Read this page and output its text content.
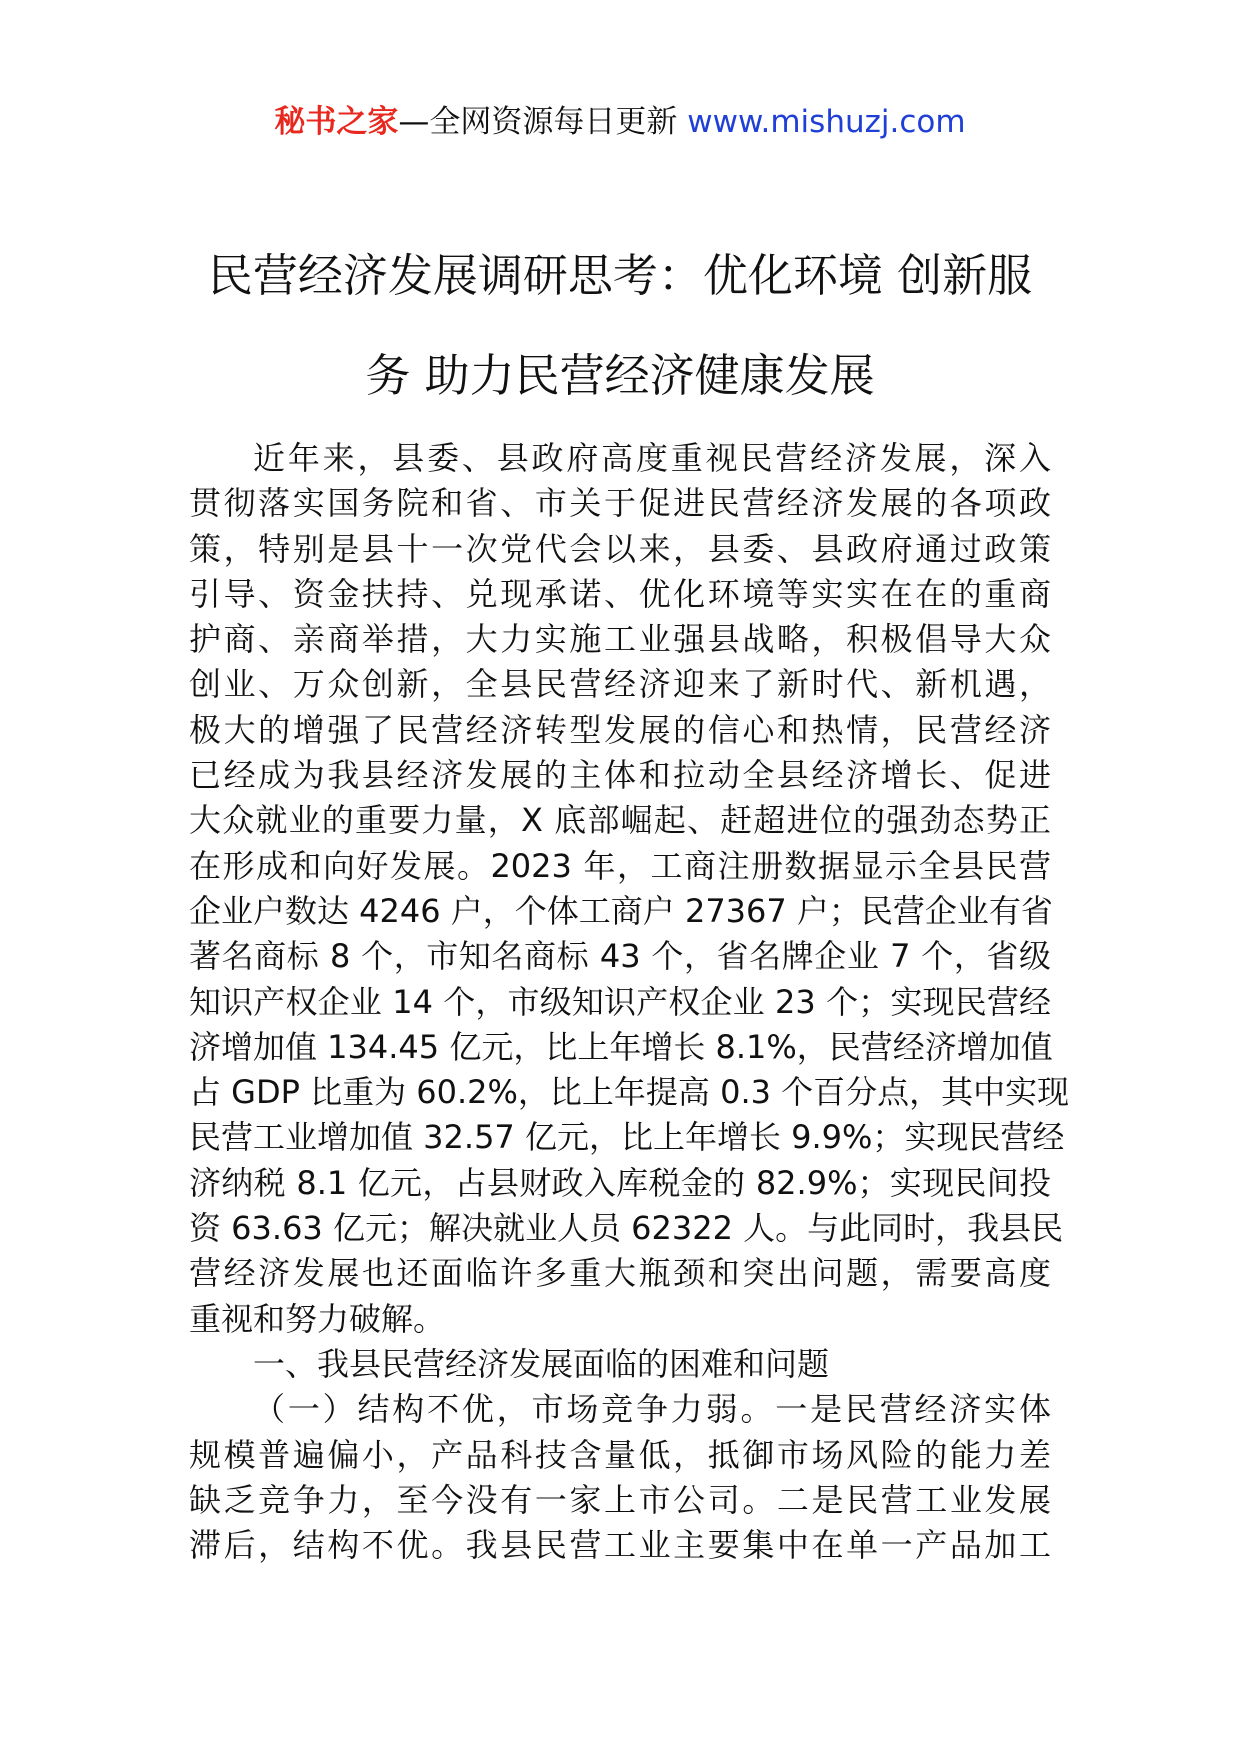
秘书之家—全网资源每日更新 www.mishuzj.com
民营经济发展调研思考：优化环境 创新服
务 助力民营经济健康发展
近年来，县委、县政府高度重视民营经济发展，深入
贯彻落实国务院和省、市关于促进民营经济发展的各项政
策，特别是县十一次党代会以来，县委、县政府通过政策
引导、资金扶持、兑现承诺、优化环境等实实在在的重商
护商、亲商举措，大力实施工业强县战略，积极倡导大众
创业、万众创新，全县民营经济迎来了新时代、新机遇，
极大的增强了民营经济转型发展的信心和热情，民营经济
已经成为我县经济发展的主体和拉动全县经济增长、促进
大众就业的重要力量，X 底部崛起、赶超进位的强劲态势正
在形成和向好发展。2023 年，工商注册数据显示全县民营
企业户数达 4246 户，个体工商户 27367 户；民营企业有省
著名商标 8 个，市知名商标 43 个，省名牌企业 7 个，省级
知识产权企业 14 个，市级知识产权企业 23 个；实现民营经
济增加值 134.45 亿元，比上年增长 8.1%，民营经济增加值
占 GDP 比重为 60.2%，比上年提高 0.3 个百分点，其中实现
民营工业增加值 32.57 亿元，比上年增长 9.9%；实现民营经
济纳税 8.1 亿元，占县财政入库税金的 82.9%；实现民间投
资 63.63 亿元；解决就业人员 62322 人。与此同时，我县民
营经济发展也还面临许多重大瓶颈和突出问题，需要高度
重视和努力破解。
一、我县民营经济发展面临的困难和问题
（一）结构不优，市场竞争力弱。一是民营经济实体
规模普遍偏小，产品科技含量低，抵御市场风险的能力差
缺乏竞争力，至今没有一家上市公司。二是民营工业发展
滞后，结构不优。我县民营工业主要集中在单一产品加工
